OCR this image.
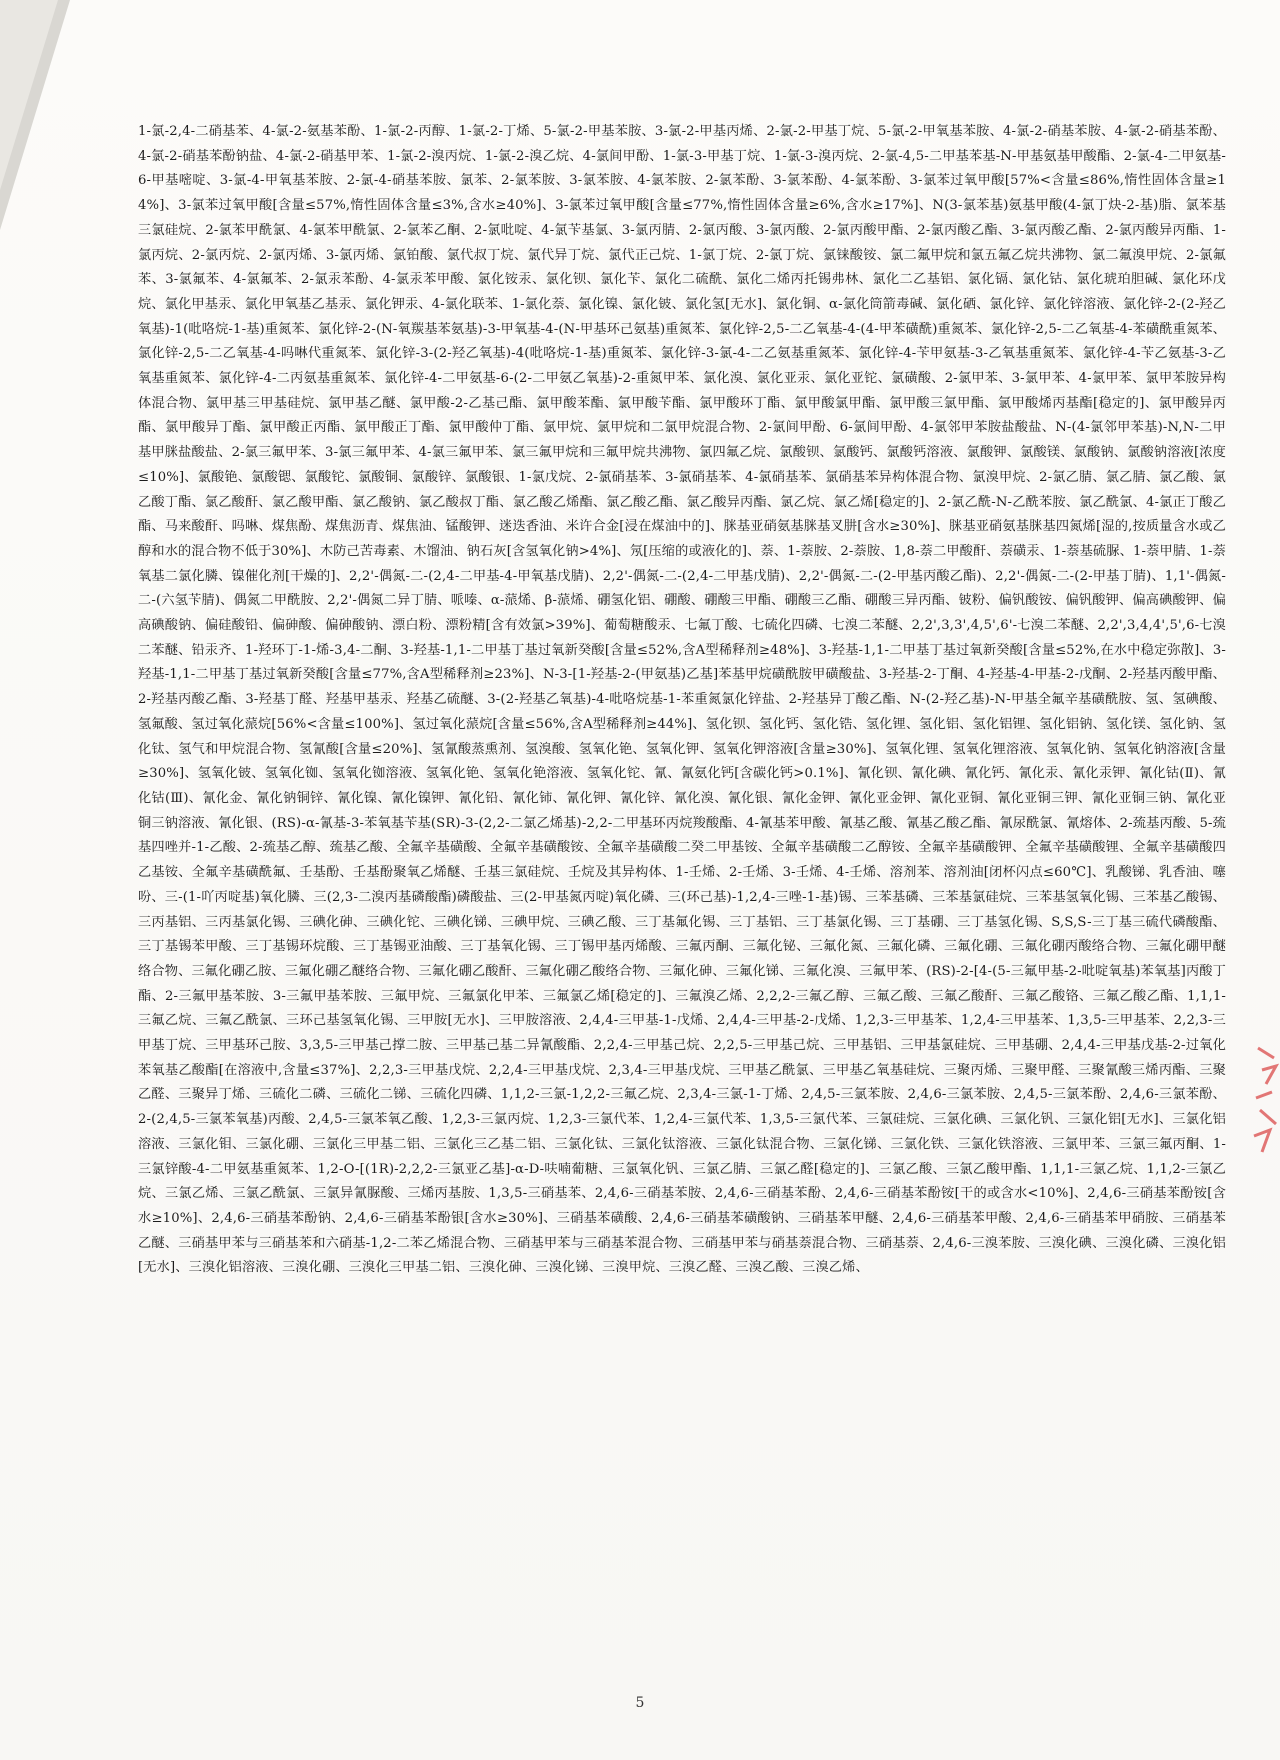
1-氯-2,4-二硝基苯、4-氯-2-氨基苯酚、1-氯-2-丙醇、1-氯-2-丁烯、5-氯-2-甲基苯胺、3-氯-2-甲基丙烯、2-氯-2-甲基丁烷、5-氯-2-甲氧基苯胺、4-氯-2-硝基苯胺、4-氯-2-硝基苯酚、4-氯-2-硝基苯酚钠盐、4-氯-2-硝基甲苯、1-氯-2-溴丙烷、1-氯-2-溴乙烷、4-氯间甲酚、1-氯-3-甲基丁烷、1-氯-3-溴丙烷、2-氯-4,5-二甲基苯基-N-甲基氨基甲酸酯、2-氯-4-二甲氨基-6-甲基嘧啶、3-氯-4-甲氧基苯胺、2-氯-4-硝基苯胺、氯苯、2-氯苯胺、3-氯苯胺、4-氯苯胺、2-氯苯酚、3-氯苯酚、4-氯苯酚、3-氯苯过氧甲酸[57%<含量≤86%,惰性固体含量≥14%]、3-氯苯过氧甲酸[含量≤57%,惰性固体含量≤3%,含水≥40%]、3-氯苯过氧甲酸[含量≤77%,惰性固体含量≥6%,含水≥17%]、N(3-氯苯基)氨基甲酸(4-氯丁炔-2-基)脂、氯苯基三氯硅烷、2-氯苯甲酰氯、4-氯苯甲酰氯、2-氯苯乙酮、2-氯吡啶、4-氯苄基氯、3-氯丙腈、2-氯丙酸、3-氯丙酸、2-氯丙酸甲酯、2-氯丙酸乙酯、3-氯丙酸乙酯、2-氯丙酸异丙酯、1-氯丙烷、2-氯丙烷、2-氯丙烯、3-氯丙烯、氯铂酸、氯代叔丁烷、氯代异丁烷、氯代正己烷、1-氯丁烷、2-氯丁烷、氯铼酸铵、氯二氟甲烷和氯五氟乙烷共沸物、氯二氟溴甲烷、2-氯氟苯、3-氯氟苯、4-氯氟苯、2-氯汞苯酚、4-氯汞苯甲酸、氯化铵汞、氯化钡、氯化苄、氯化二硫酰、氯化二烯丙托锡弗林、氯化二乙基铝、氯化镉、氯化钴、氯化琥珀胆碱、氯化环戊烷、氯化甲基汞、氯化甲氧基乙基汞、氯化钾汞、4-氯化联苯、1-氯化萘、氯化镍、氯化铍、氯化氢[无水]、氯化铜、α-氯化筒箭毒碱、氯化硒、氯化锌、氯化锌溶液、氯化锌-2-(2-羟乙氧基)-1(吡咯烷-1-基)重氮苯、氯化锌-2-(N-氧羰基苯氨基)-3-甲氧基-4-(N-甲基环己氨基)重氮苯、氯化锌-2,5-二乙氧基-4-(4-甲苯磺酰)重氮苯、氯化锌-2,5-二乙氧基-4-苯磺酰重氮苯、氯化锌-2,5-二乙氧基-4-吗啉代重氮苯、氯化锌-3-(2-羟乙氧基)-4(吡咯烷-1-基)重氮苯、氯化锌-3-氯-4-二乙氨基重氮苯、氯化锌-4-苄甲氨基-3-乙氧基重氮苯、氯化锌-4-苄乙氨基-3-乙氧基重氮苯、氯化锌-4-二丙氨基重氮苯、氯化锌-4-二甲氨基-6-(2-二甲氨乙氧基)-2-重氮甲苯、氯化溴、氯化亚汞、氯化亚铊、氯磺酸、2-氯甲苯、3-氯甲苯、4-氯甲苯、氯甲苯胺异构体混合物、氯甲基三甲基硅烷、氯甲基乙醚、氯甲酸-2-乙基己酯、氯甲酸苯酯、氯甲酸苄酯、氯甲酸环丁酯、氯甲酸氯甲酯、氯甲酸三氯甲酯、氯甲酸烯丙基酯[稳定的]、氯甲酸异丙酯、氯甲酸异丁酯、氯甲酸正丙酯、氯甲酸正丁酯、氯甲酸仲丁酯、氯甲烷、氯甲烷和二氯甲烷混合物、2-氯间甲酚、6-氯间甲酚、4-氯邻甲苯胺盐酸盐、N-(4-氯邻甲苯基)-N,N-二甲基甲脒盐酸盐、2-氯三氟甲苯、3-氯三氟甲苯、4-氯三氟甲苯、氯三氟甲烷和三氟甲烷共沸物、氯四氟乙烷、氯酸钡、氯酸钙、氯酸钙溶液、氯酸钾、氯酸镁、氯酸钠、氯酸钠溶液[浓度≤10%]、氯酸铯、氯酸锶、氯酸铊、氯酸铜、氯酸锌、氯酸银、1-氯戊烷、2-氯硝基苯、3-氯硝基苯、4-氯硝基苯、氯硝基苯异构体混合物、氯溴甲烷、2-氯乙腈、氯乙腈、氯乙酸、氯乙酸丁酯、氯乙酸酐、氯乙酸甲酯、氯乙酸钠、氯乙酸叔丁酯、氯乙酸乙烯酯、氯乙酸乙酯、氯乙酸异丙酯、氯乙烷、氯乙烯[稳定的]、2-氯乙酰-N-乙酰苯胺、氯乙酰氯、4-氯正丁酸乙酯、马来酸酐、吗啉、煤焦酚、煤焦沥青、煤焦油、锰酸钾、迷迭香油、米许合金[浸在煤油中的]、脒基亚硝氨基脒基叉肼[含水≥30%]、脒基亚硝氨基脒基四氮烯[湿的,按质量含水或乙醇和水的混合物不低于30%]、木防己苦毒素、木馏油、钠石灰[含氢氧化钠>4%]、氖[压缩的或液化的]、萘、1-萘胺、2-萘胺、1,8-萘二甲酸酐、萘磺汞、1-萘基硫脲、1-萘甲腈、1-萘氧基二氯化膦、镍催化剂[干燥的]、2,2'-偶氮-二-(2,4-二甲基-4-甲氧基戊腈)、2,2'-偶氮-二-(2,4-二甲基戊腈)、2,2'-偶氮-二-(2-甲基丙酸乙酯)、2,2'-偶氮-二-(2-甲基丁腈)、1,1'-偶氮-二-(六氢苄腈)、偶氮二甲酰胺、2,2'-偶氮二异丁腈、哌嗪、α-蒎烯、β-蒎烯、硼氢化铝、硼酸、硼酸三甲酯、硼酸三乙酯、硼酸三异丙酯、铍粉、偏钒酸铵、偏钒酸钾、偏高碘酸钾、偏高碘酸钠、偏硅酸铅、偏砷酸、偏砷酸钠、漂白粉、漂粉精[含有效氯>39%]、葡萄糖酸汞、七氟丁酸、七硫化四磷、七溴二苯醚、2,2',3,3',4,5',6'-七溴二苯醚、2,2',3,4,4',5',6-七溴二苯醚、铅汞齐、1-羟环丁-1-烯-3,4-二酮、3-羟基-1,1-二甲基丁基过氧新癸酸[含量≤52%,含A型稀释剂≥48%]、3-羟基-1,1-二甲基丁基过氧新癸酸[含量≤52%,在水中稳定弥散]、3-羟基-1,1-二甲基丁基过氧新癸酸[含量≤77%,含A型稀释剂≥23%]、N-3-[1-羟基-2-(甲氨基)乙基]苯基甲烷磺酰胺甲磺酸盐、3-羟基-2-丁酮、4-羟基-4-甲基-2-戊酮、2-羟基丙酸甲酯、2-羟基丙酸乙酯、3-羟基丁醛、羟基甲基汞、羟基乙硫醚、3-(2-羟基乙氧基)-4-吡咯烷基-1-苯重氮氯化锌盐、2-羟基异丁酸乙酯、N-(2-羟乙基)-N-甲基全氟辛基磺酰胺、氢、氢碘酸、氢氟酸、氢过氧化蒎烷[56%<含量≤100%]、氢过氧化蒎烷[含量≤56%,含A型稀释剂≥44%]、氢化钡、氢化钙、氢化锆、氢化锂、氢化铝、氢化铝锂、氢化铝钠、氢化镁、氢化钠、氢化钛、氢气和甲烷混合物、氢氰酸[含量≤20%]、氢氰酸蒸熏剂、氢溴酸、氢氧化铯、氢氧化钾、氢氧化钾溶液[含量≥30%]、氢氧化锂、氢氧化锂溶液、氢氧化钠、氢氧化钠溶液[含量≥30%]、氢氧化铍、氢氧化铷、氢氧化铷溶液、氢氧化铯、氢氧化铯溶液、氢氧化铊、氰、氰氨化钙[含碳化钙>0.1%]、氰化钡、氰化碘、氰化钙、氰化汞、氰化汞钾、氰化钴(Ⅱ)、氰化钴(Ⅲ)、氰化金、氰化钠铜锌、氰化镍、氰化镍钾、氰化铅、氰化铈、氰化钾、氰化锌、氰化溴、氰化银、氰化金钾、氰化亚金钾、氰化亚铜、氰化亚铜三钾、氰化亚铜三钠、氰化亚铜三钠溶液、氰化银、(RS)-α-氰基-3-苯氧基苄基(SR)-3-(2,2-二氯乙烯基)-2,2-二甲基环丙烷羧酸酯、4-氰基苯甲酸、氰基乙酸、氰基乙酸乙酯、氰尿酰氯、氰熔体、2-巯基丙酸、5-巯基四唑并-1-乙酸、2-巯基乙醇、巯基乙酸、全氟辛基磺酸、全氟辛基磺酸铵、全氟辛基磺酸二癸二甲基铵、全氟辛基磺酸二乙醇铵、全氟辛基磺酸钾、全氟辛基磺酸锂、全氟辛基磺酸四乙基铵、全氟辛基磺酰氟、壬基酚、壬基酚聚氧乙烯醚、壬基三氯硅烷、壬烷及其异构体、1-壬烯、2-壬烯、3-壬烯、4-壬烯、溶剂苯、溶剂油[闭杯闪点≤60℃]、乳酸锑、乳香油、噻吩、三-(1-吖丙啶基)氧化膦、三(2,3-二溴丙基磷酸酯)磷酸盐、三(2-甲基氮丙啶)氧化磷、三(环己基)-1,2,4-三唑-1-基)锡、三苯基磷、三苯基氯硅烷、三苯基氢氧化锡、三苯基乙酸锡、三丙基铝、三丙基氯化锡、三碘化砷、三碘化铊、三碘化锑、三碘甲烷、三碘乙酸、三丁基氟化锡、三丁基铝、三丁基氯化锡、三丁基硼、三丁基氢化锡、S,S,S-三丁基三硫代磷酸酯、三丁基锡苯甲酸、三丁基锡环烷酸、三丁基锡亚油酸、三丁基氧化锡、三丁锡甲基丙烯酸、三氟丙酮、三氟化铋、三氟化氮、三氟化磷、三氟化硼、三氟化硼丙酸络合物、三氟化硼甲醚络合物、三氟化硼乙胺、三氟化硼乙醚络合物、三氟化硼乙酸酐、三氟化硼乙酸络合物、三氟化砷、三氟化锑、三氟化溴、三氟甲苯、(RS)-2-[4-(5-三氟甲基-2-吡啶氧基)苯氧基]丙酸丁酯、2-三氟甲基苯胺、3-三氟甲基苯胺、三氟甲烷、三氟氯化甲苯、三氟氯乙烯[稳定的]、三氟溴乙烯、2,2,2-三氟乙醇、三氟乙酸、三氟乙酸酐、三氟乙酸铬、三氟乙酸乙酯、1,1,1-三氟乙烷、三氟乙酰氯、三环己基氢氧化锡、三甲胺[无水]、三甲胺溶液、2,4,4-三甲基-1-戊烯、2,4,4-三甲基-2-戊烯、1,2,3-三甲基苯、1,2,4-三甲基苯、1,3,5-三甲基苯、2,2,3-三甲基丁烷、三甲基环己胺、3,3,5-三甲基己撑二胺、三甲基己基二异氰酸酯、2,2,4-三甲基己烷、2,2,5-三甲基己烷、三甲基铝、三甲基氯硅烷、三甲基硼、2,4,4-三甲基戊基-2-过氧化苯氧基乙酸酯[在溶液中,含量≤37%]、2,2,3-三甲基戊烷、2,2,4-三甲基戊烷、2,3,4-三甲基戊烷、三甲基乙酰氯、三甲基乙氧基硅烷、三聚丙烯、三聚甲醛、三聚氰酸三烯丙酯、三聚乙醛、三聚异丁烯、三硫化二磷、三硫化二锑、三硫化四磷、1,1,2-三氯-1,2,2-三氟乙烷、2,3,4-三氯-1-丁烯、2,4,5-三氯苯胺、2,4,6-三氯苯胺、2,4,5-三氯苯酚、2,4,6-三氯苯酚、2-(2,4,5-三氯苯氧基)丙酸、2,4,5-三氯苯氧乙酸、1,2,3-三氯丙烷、1,2,3-三氯代苯、1,2,4-三氯代苯、1,3,5-三氯代苯、三氯硅烷、三氯化碘、三氯化钒、三氯化铝[无水]、三氯化铝溶液、三氯化钼、三氯化硼、三氯化三甲基二铝、三氯化三乙基二铝、三氯化钛、三氯化钛溶液、三氯化钛混合物、三氯化锑、三氯化铁、三氯化铁溶液、三氯甲苯、三氯三氟丙酮、1-三氯锌酸-4-二甲氨基重氮苯、1,2-O-[(1R)-2,2,2-三氯亚乙基]-α-D-呋喃葡糖、三氯氧化钒、三氯乙腈、三氯乙醛[稳定的]、三氯乙酸、三氯乙酸甲酯、1,1,1-三氯乙烷、1,1,2-三氯乙烷、三氯乙烯、三氯乙酰氯、三氯异氰脲酸、三烯丙基胺、1,3,5-三硝基苯、2,4,6-三硝基苯胺、2,4,6-三硝基苯酚、2,4,6-三硝基苯酚铵[干的或含水<10%]、2,4,6-三硝基苯酚铵[含水≥10%]、2,4,6-三硝基苯酚钠、2,4,6-三硝基苯酚银[含水≥30%]、三硝基苯磺酸、2,4,6-三硝基苯磺酸钠、三硝基苯甲醚、2,4,6-三硝基苯甲酸、2,4,6-三硝基苯甲硝胺、三硝基苯乙醚、三硝基甲苯与三硝基苯和六硝基-1,2-二苯乙烯混合物、三硝基甲苯与三硝基苯混合物、三硝基甲苯与硝基萘混合物、三硝基萘、2,4,6-三溴苯胺、三溴化碘、三溴化磷、三溴化铝[无水]、三溴化铝溶液、三溴化硼、三溴化三甲基二铝、三溴化砷、三溴化锑、三溴甲烷、三溴乙醛、三溴乙酸、三溴乙烯、

5
